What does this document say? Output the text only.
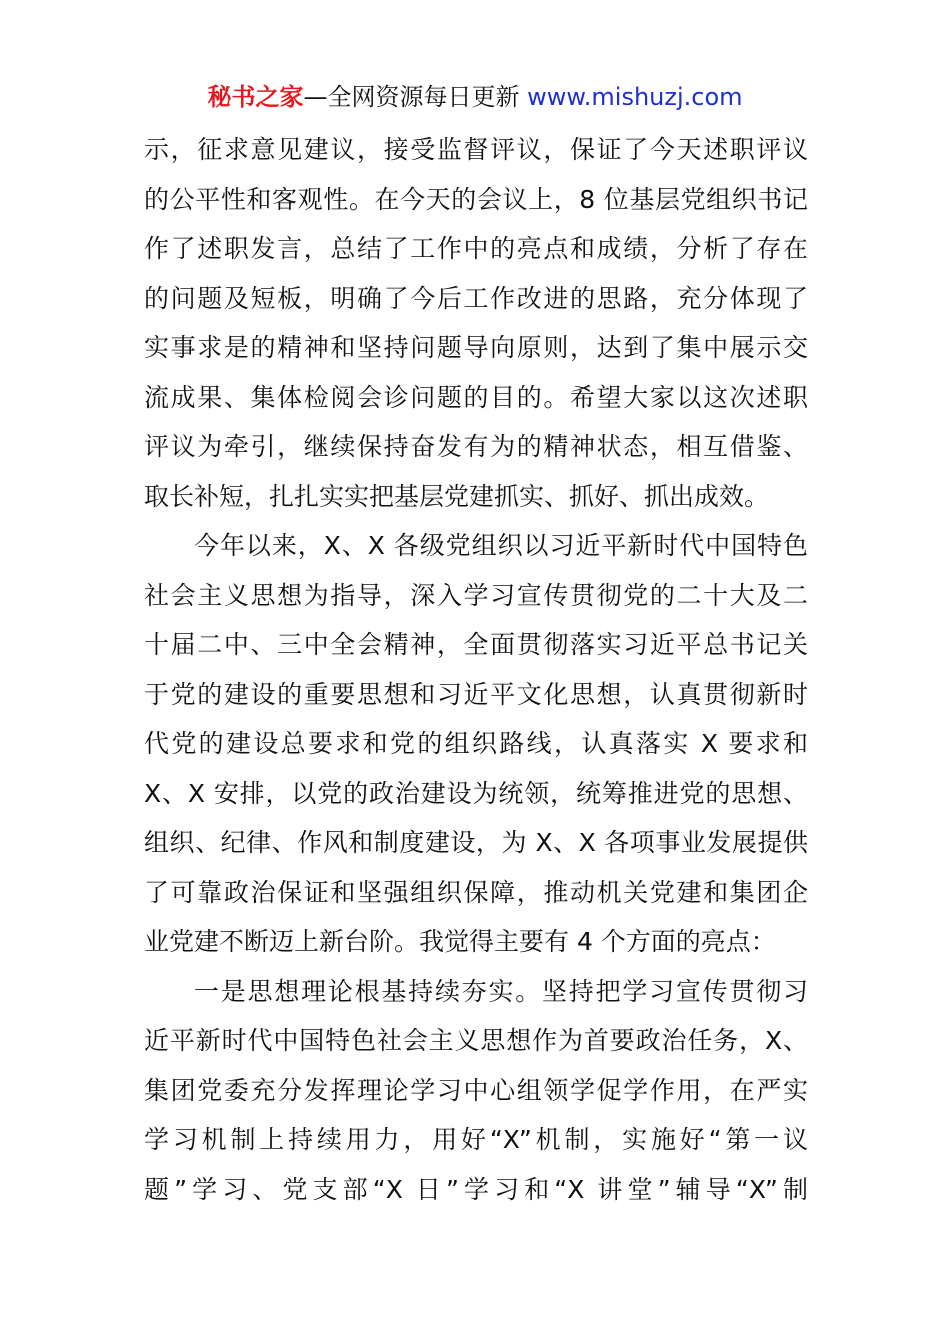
秘书之家—全网资源每日更新 www.mishuzj.com
示，征求意见建议，接受监督评议，保证了今天述职评议
的公平性和客观性。在今天的会议上，8 位基层党组织书记
作了述职发言，总结了工作中的亮点和成绩，分析了存在
的问题及短板，明确了今后工作改进的思路，充分体现了
实事求是的精神和坚持问题导向原则，达到了集中展示交
流成果、集体检阅会诊问题的目的。希望大家以这次述职
评议为牵引，继续保持奋发有为的精神状态，相互借鉴、
取长补短，扎扎实实把基层党建抓实、抓好、抓出成效。
今年以来，X、X 各级党组织以习近平新时代中国特色
社会主义思想为指导，深入学习宣传贯彻党的二十大及二
十届二中、三中全会精神，全面贯彻落实习近平总书记关
于党的建设的重要思想和习近平文化思想，认真贯彻新时
代党的建设总要求和党的组织路线，认真落实 X 要求和
X、X 安排，以党的政治建设为统领，统筹推进党的思想、
组织、纪律、作风和制度建设，为 X、X 各项事业发展提供
了可靠政治保证和坚强组织保障，推动机关党建和集团企
业党建不断迈上新台阶。我觉得主要有 4 个方面的亮点：
一是思想理论根基持续夯实。坚持把学习宣传贯彻习
近平新时代中国特色社会主义思想作为首要政治任务，X、
集团党委充分发挥理论学习中心组领学促学作用，在严实
学习机制上持续用力，用好“X”机制，实施好“第一议
题”学习、党支部“X 日”学习和“X 讲堂”辅导“X”制
